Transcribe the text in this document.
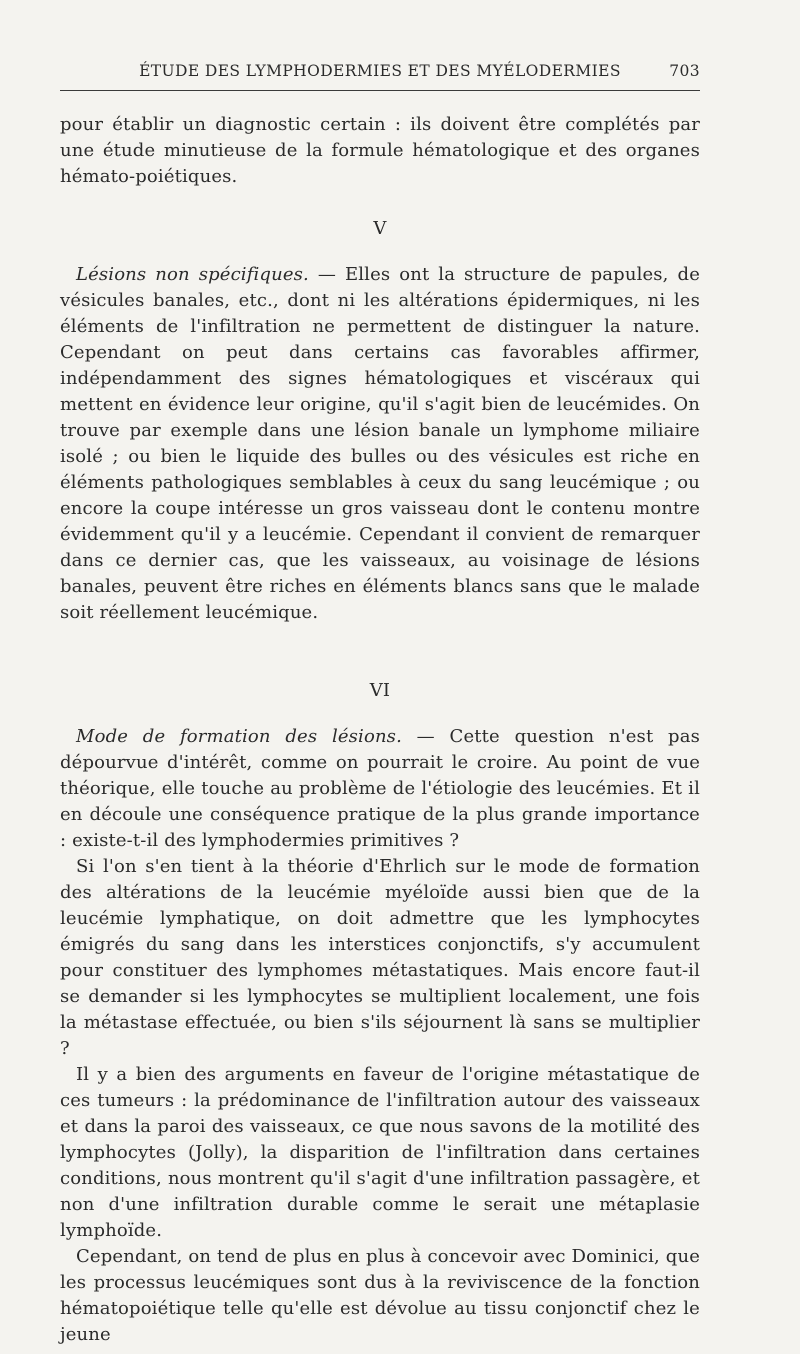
ÉTUDE DES LYMPHODERMIES ET DES MYÉLODERMIES	703

pour établir un diagnostic certain : ils doivent être complétés par une étude minutieuse de la formule hématologique et des organes hémato-poiétiques.

V

Lésions non spécifiques. — Elles ont la structure de papules, de vésicules banales, etc., dont ni les altérations épidermiques, ni les éléments de l'infiltration ne permettent de distinguer la nature. Cependant on peut dans certains cas favorables affirmer, indépendamment des signes hématologiques et viscéraux qui mettent en évidence leur origine, qu'il s'agit bien de leucémides. On trouve par exemple dans une lésion banale un lymphome miliaire isolé ; ou bien le liquide des bulles ou des vésicules est riche en éléments pathologiques semblables à ceux du sang leucémique ; ou encore la coupe intéresse un gros vaisseau dont le contenu montre évidemment qu'il y a leucémie. Cependant il convient de remarquer dans ce dernier cas, que les vaisseaux, au voisinage de lésions banales, peuvent être riches en éléments blancs sans que le malade soit réellement leucémique.

VI

Mode de formation des lésions. — Cette question n'est pas dépourvue d'intérêt, comme on pourrait le croire. Au point de vue théorique, elle touche au problème de l'étiologie des leucémies. Et il en découle une conséquence pratique de la plus grande importance : existe-t-il des lymphodermies primitives ?

Si l'on s'en tient à la théorie d'Ehrlich sur le mode de formation des altérations de la leucémie myéloïde aussi bien que de la leucémie lymphatique, on doit admettre que les lymphocytes émigrés du sang dans les interstices conjonctifs, s'y accumulent pour constituer des lymphomes métastatiques. Mais encore faut-il se demander si les lymphocytes se multiplient localement, une fois la métastase effectuée, ou bien s'ils séjournent là sans se multiplier ?

Il y a bien des arguments en faveur de l'origine métastatique de ces tumeurs : la prédominance de l'infiltration autour des vaisseaux et dans la paroi des vaisseaux, ce que nous savons de la motilité des lymphocytes (Jolly), la disparition de l'infiltration dans certaines conditions, nous montrent qu'il s'agit d'une infiltration passagère, et non d'une infiltration durable comme le serait une métaplasie lymphoïde.

Cependant, on tend de plus en plus à concevoir avec Dominici, que les processus leucémiques sont dus à la reviviscence de la fonction hématopoiétique telle qu'elle est dévolue au tissu conjonctif chez le jeune
